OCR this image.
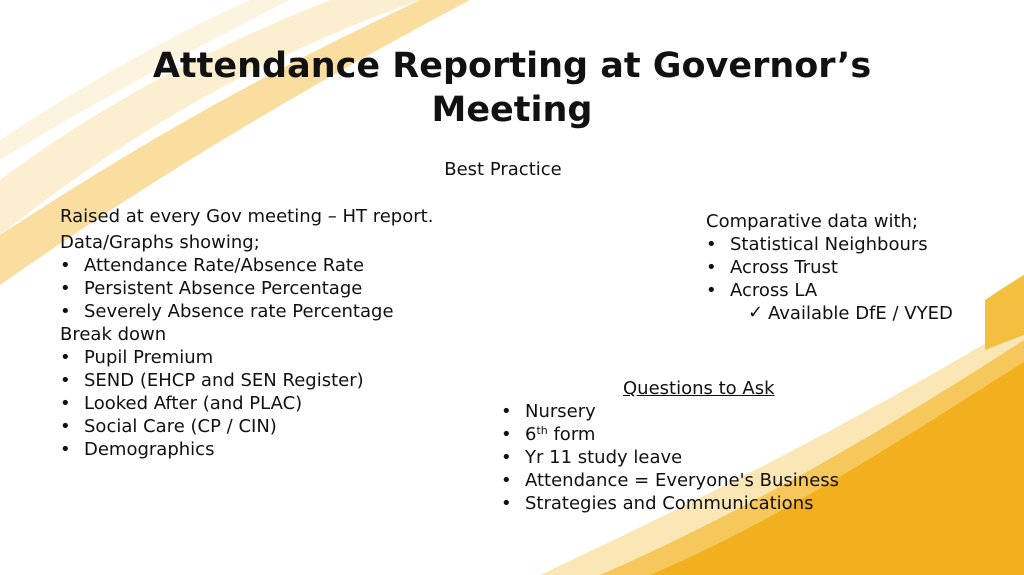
Attendance Reporting at Governor’s Meeting
Best Practice
Raised at every Gov meeting – HT report.
Data/Graphs showing;
• Attendance Rate/Absence Rate
• Persistent Absence Percentage
• Severely Absence rate Percentage
Break down
• Pupil Premium
• SEND (EHCP and SEN Register)
• Looked After (and PLAC)
• Social Care (CP / CIN)
• Demographics
Comparative data with;
• Statistical Neighbours
• Across Trust
• Across LA
✓ Available DfE / VYED
Questions to Ask
• Nursery
• 6th form
• Yr 11 study leave
• Attendance = Everyone's Business
• Strategies and Communications
